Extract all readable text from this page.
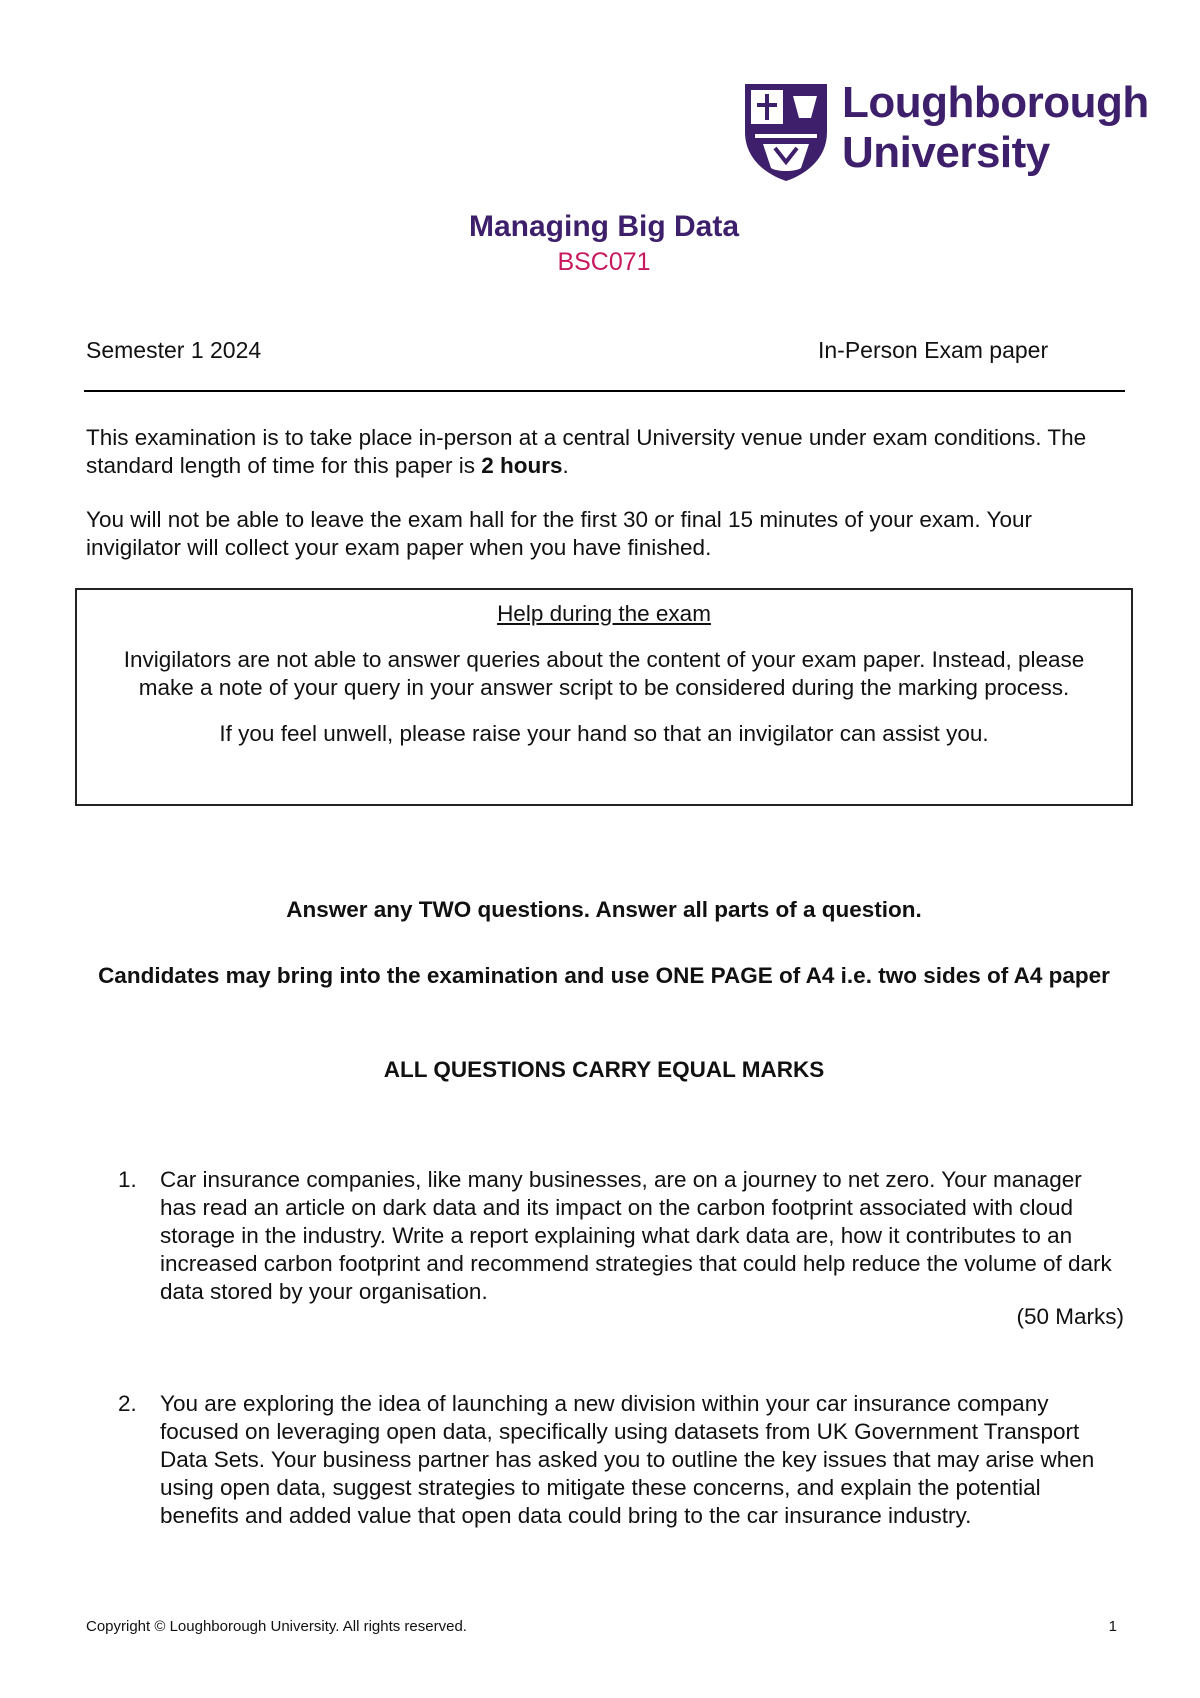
Loughborough
University
Managing Big Data
BSC071
Semester 1 2024	In-Person Exam paper
This examination is to take place in-person at a central University venue under exam conditions. The standard length of time for this paper is 2 hours.
You will not be able to leave the exam hall for the first 30 or final 15 minutes of your exam. Your invigilator will collect your exam paper when you have finished.

Help during the exam

Invigilators are not able to answer queries about the content of your exam paper. Instead, please make a note of your query in your answer script to be considered during the marking process.

If you feel unwell, please raise your hand so that an invigilator can assist you.

Answer any TWO questions. Answer all parts of a question.
Candidates may bring into the examination and use ONE PAGE of A4 i.e. two sides of A4 paper
ALL QUESTIONS CARRY EQUAL MARKS
1. Car insurance companies, like many businesses, are on a journey to net zero. Your manager has read an article on dark data and its impact on the carbon footprint associated with cloud storage in the industry. Write a report explaining what dark data are, how it contributes to an increased carbon footprint and recommend strategies that could help reduce the volume of dark data stored by your organisation.
(50 Marks)
2. You are exploring the idea of launching a new division within your car insurance company focused on leveraging open data, specifically using datasets from UK Government Transport Data Sets. Your business partner has asked you to outline the key issues that may arise when using open data, suggest strategies to mitigate these concerns, and explain the potential benefits and added value that open data could bring to the car insurance industry.
Copyright © Loughborough University. All rights reserved.	1
